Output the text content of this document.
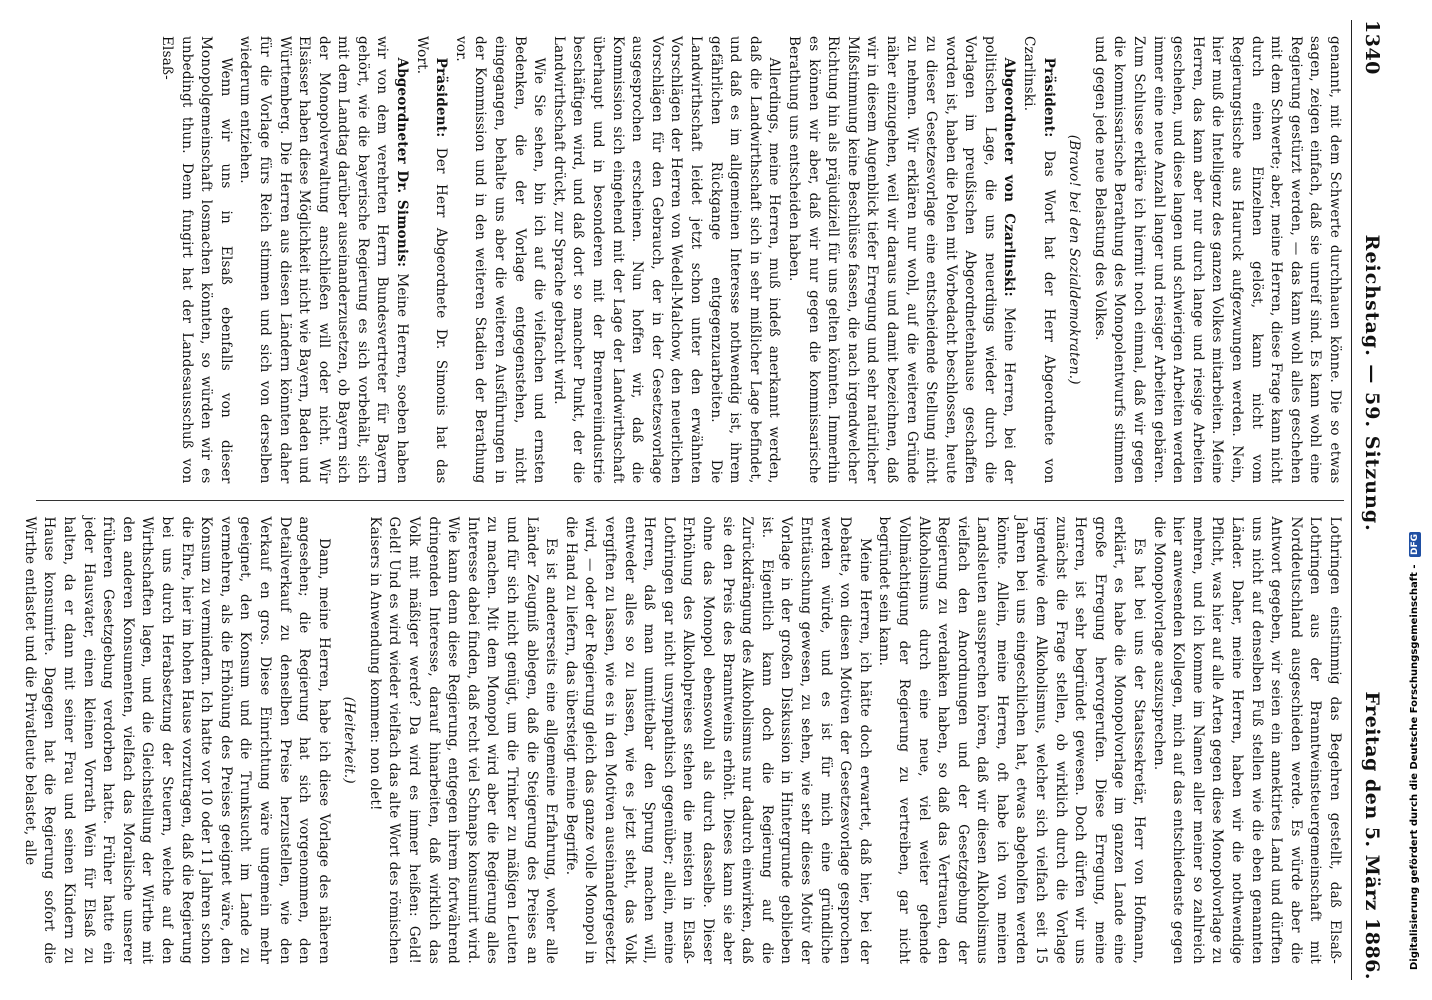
1340
Reichstag. — 59. Sitzung.
Freitag den 5. März 1886.

genannt, mit dem Schwerte durchhauen könne. Die so etwas sagen, zeigen einfach, daß sie unreif sind. Es kann wohl eine Regierung gestürzt werden, — das kann wohl alles geschehen mit dem Schwerte; aber, meine Herren, diese Frage kann nicht durch einen Einzelnen gelöst, kann nicht vom Regierungstische aus Hauruck aufgezwungen werden. Nein, hier muß die Intelligenz des ganzen Volkes mitarbeiten. Meine Herren, das kann aber nur durch lange und riesige Arbeiten geschehen, und diese langen und schwierigen Arbeiten werden immer eine neue Anzahl langer und riesiger Arbeiten gebären. Zum Schlusse erkläre ich hiermit noch einmal, daß wir gegen die kommissarische Berathung des Monopolentwurfs stimmen und gegen jede neue Belastung des Volkes.

(Bravo! bei den Sozialdemokraten.)

Präsident: Das Wort hat der Herr Abgeordnete von Czarlinski.

Abgeordneter von Czarlinski: Meine Herren, bei der politischen Lage, die uns neuerdings wieder durch die Vorlagen im preußischen Abgeordnetenhause geschaffen worden ist, haben die Polen mit Vorbedacht beschlossen, heute zu dieser Gesetzesvorlage eine entscheidende Stellung nicht zu nehmen. Wir erklären nur wohl, auf die weiteren Gründe näher einzugehen, weil wir daraus und damit bezeichnen, daß wir in diesem Augenblick tiefer Erregung und sehr natürlicher Mißstimmung keine Beschlüsse fassen, die nach irgendwelcher Richtung hin als präjudiziell für uns gelten könnten. Immerhin es können wir aber, daß wir nur gegen die kommissarische Berathung uns entscheiden haben.

Allerdings, meine Herren, muß indeß anerkannt werden, daß die Landwirthschaft sich in sehr mißlicher Lage befindet, und daß es im allgemeinen Interesse nothwendig ist, ihrem gefährlichen Rückgange entgegenzuarbeiten. Die Landwirthschaft leidet jetzt schon unter den erwähnten Vorschlägen der Herren von Wedell-Malchow, den neuerlichen Vorschlägen für den Gebrauch, der in der Gesetzesvorlage ausgesprochen erscheinen. Nun hoffen wir, daß die Kommission sich eingehend mit der Lage der Landwirthschaft überhaupt und in besonderen mit der Brennereiindustrie beschäftigen wird, und daß dort so mancher Punkt, der die Landwirthschaft drückt, zur Sprache gebracht wird.

Wie Sie sehen, bin ich auf die vielfachen und ernsten Bedenken, die der Vorlage entgegenstehen, nicht eingegangen, behalte uns aber die weiteren Ausführungen in der Kommission und in den weiteren Stadien der Berathung vor.

Präsident: Der Herr Abgeordnete Dr. Simonis hat das Wort.

Abgeordneter Dr. Simonis: Meine Herren, soeben haben wir von dem verehrten Herrn Bundesvertreter für Bayern gehört, wie die bayerische Regierung es sich vorbehält, sich mit dem Landtag darüber auseinanderzusetzen, ob Bayern sich der Monopolverwaltung anschließen will oder nicht. Wir Elsässer haben diese Möglichkeit nicht wie Bayern, Baden und Württemberg. Die Herren aus diesen Ländern könnten daher für die Vorlage fürs Reich stimmen und sich von derselben wiederum entziehen.

Wenn wir uns in Elsaß ebenfalls von dieser Monopolgemeinschaft losmachen könnten, so würden wir es unbedingt thun. Denn fungirt hat der Landesausschuß von Elsaß-

Lothringen einstimmig das Begehren gestellt, daß Elsaß-Lothringen aus der Branntweinsteuergemeinschaft mit Norddeutschland ausgeschieden werde. Es würde aber die Antwort gegeben, wir seien ein annektirtes Land und dürften uns nicht auf denselben Fuß stellen wie die eben genannten Länder. Daher, meine Herren, haben wir die nothwendige Pflicht, was hier auf alle Arten gegen diese Monopolvorlage zu mehren, und ich komme im Namen aller meiner so zahlreich hier anwesenden Kollegen, mich auf das entschiedenste gegen die Monopolvorlage auszusprechen.

Es hat bei uns der Staatssekretär, Herr von Hofmann, erklärt, es habe die Monopolvorlage im ganzen Lande eine große Erregung hervorgerufen. Diese Erregung, meine Herren, ist sehr begründet gewesen. Doch dürfen wir uns zunächst die Frage stellen, ob wirklich durch die Vorlage irgendwie dem Alkoholismus, welcher sich vielfach seit 15 Jahren bei uns eingeschlichen hat, etwas abgeholfen werden könnte. Allein, meine Herren, oft habe ich von meinen Landsleuten aussprechen hören, daß wir diesen Alkoholismus vielfach den Anordnungen und der Gesetzgebung der Regierung zu verdanken haben, so daß das Vertrauen, den Alkoholismus durch eine neue, viel weiter gehende Vollmächtigung der Regierung zu vertreiben, gar nicht begründet sein kann.

Meine Herren, ich hätte doch erwartet, daß hier, bei der Debatte, von diesen Motiven der Gesetzesvorlage gesprochen werden würde, und es ist für mich eine gründliche Enttäuschung gewesen, zu sehen, wie sehr dieses Motiv der Vorlage in der großen Diskussion in Hintergrunde geblieben ist. Eigentlich kann doch die Regierung auf die Zurückdrängung des Alkoholismus nur dadurch einwirken, daß sie den Preis des Branntweins erhöht. Dieses kann sie aber ohne das Monopol ebensowohl als durch dasselbe. Dieser Erhöhung des Alkoholpreises stehen die meisten in Elsaß-Lothringen gar nicht unsympathisch gegenüber; allein, meine Herren, daß man unmittelbar den Sprung machen will, entweder alles so zu lassen, wie es jetzt steht, das Volk vergiften zu lassen, wie es in den Motiven auseinandergesetzt wird, — oder der Regierung gleich das ganze volle Monopol in die Hand zu liefern, das übersteigt meine Begriffe.

Es ist andererseits eine allgemeine Erfahrung, woher alle Länder Zeugniß ablegen, daß die Steigerung des Preises an und für sich nicht genügt, um die Trinker zu mäßigen Leuten zu machen. Mit dem Monopol wird aber die Regierung alles Interesse dabei finden, daß recht viel Schnaps konsumirt wird. Wie kann denn diese Regierung, entgegen ihrem fortwährend dringenden Interesse, darauf hinarbeiten, daß wirklich das Volk mit mäßiger werde? Da wird es immer heißen: Geld! Geld! Und es wird wieder vielfach das alte Wort des römischen Kaisers in Anwendung kommen: non olet!

(Heiterkeit.)

Dann, meine Herren, habe ich diese Vorlage des näheren angesehen; die Regierung hat sich vorgenommen, den Detailverkauf zu denselben Preise herzustellen, wie den Verkauf en gros. Diese Einrichtung wäre ungemein mehr geeignet, den Konsum und die Trunksucht im Lande zu vermehren, als die Erhöhung des Preises geeignet wäre, den Konsum zu vermindern. Ich hatte vor 10 oder 11 Jahren schon die Ehre, hier im hohen Hause vorzutragen, daß die Regierung bei uns durch Herabsetzung der Steuern, welche auf den Wirthschaften lagen, und die Gleichstellung der Wirthe mit den anderen Konsumenten, vielfach das Moralische unserer früheren Gesetzgebung verdorben hatte. Früher hatte ein jeder Hausvater, einen kleinen Vorrath Wein für Elsaß zu halten, da er dann mit seiner Frau und seinen Kindern zu Hause konsumirte. Dagegen hat die Regierung sofort die Wirthe entlastet und die Privatleute belastet, alle	Digitalisierung gefördert durch die Deutsche Forschungsgemeinschaft - DFG
